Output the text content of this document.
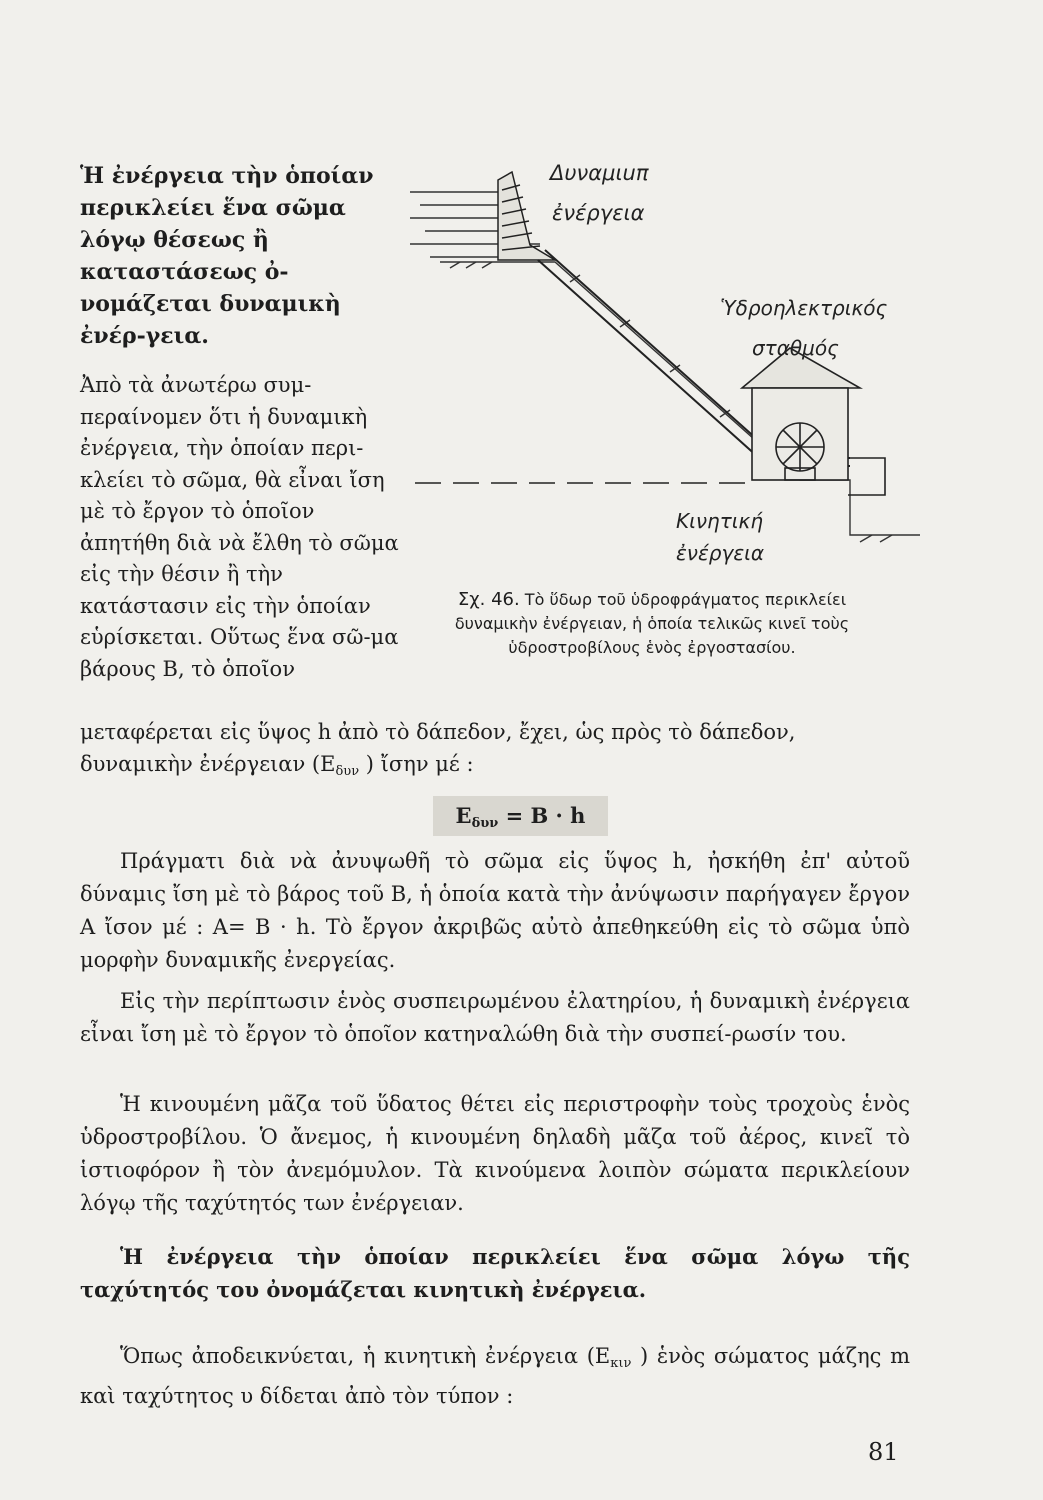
Ἡ ἐνέργεια τὴν ὁποίαν περικλείει ἕνα σῶμα λόγῳ θέσεως ἢ καταστάσεως ὀ-νομάζεται δυναμικὴ ἐνέρ-γεια.

Δυναμιuπ
ἐνέργεια
Ὑδροηλεκτρικός
σταθμός
Κινητική
ἐνέργεια

Ἀπὸ τὰ ἀνωτέρω συμ-περαίνομεν ὅτι ἡ δυναμικὴ ἐνέργεια, τὴν ὁποίαν περι-κλείει τὸ σῶμα, θὰ εἶναι ἴση μὲ τὸ ἔργον τὸ ὁποῖον ἀπητήθη διὰ νὰ ἔλθη τὸ σῶμα εἰς τὴν θέσιν ἢ τὴν κατάστασιν εἰς τὴν ὁποίαν εὑρίσκεται. Οὕτως ἕνα σῶ-μα βάρους Β, τὸ ὁποῖον

Σχ. 46. Τὸ ὕδωρ τοῦ ὑδροφράγματος περικλείει δυναμικὴν ἐνέργειαν, ἡ ὁποία τελικῶς κινεῖ τοὺς ὑδροστροβίλους ἑνὸς ἐργοστασίου.

μεταφέρεται εἰς ὕψος h ἀπὸ τὸ δάπεδον, ἔχει, ὡς πρὸς τὸ δάπεδον,
δυναμικὴν ἐνέργειαν ($E_{\delta\upsilon\nu}$ ) ἴσην μέ :

$E_{\delta\upsilon\nu} = B \cdot h$

Πράγματι διὰ νὰ ἀνυψωθῆ τὸ σῶμα εἰς ὕψος h, ἠσκήθη ἐπ' αὐτοῦ δύναμις ἴση μὲ τὸ βάρος τοῦ Β, ἡ ὁποία κατὰ τὴν ἀνύψωσιν παρήγαγεν ἔργον Α ἴσον μέ : Α= Β · h. Τὸ ἔργον ἀκριβῶς αὐτὸ ἀπεθηκεύθη εἰς τὸ σῶμα ὑπὸ μορφὴν δυναμικῆς ἐνεργείας.

Εἰς τὴν περίπτωσιν ἑνὸς συσπειρωμένου ἐλατηρίου, ἡ δυναμικὴ ἐνέργεια εἶναι ἴση μὲ τὸ ἔργον τὸ ὁποῖον κατηναλώθη διὰ τὴν συσπεί-ρωσίν του.

Ἡ κινουμένη μᾶζα τοῦ ὕδατος θέτει εἰς περιστροφὴν τοὺς τροχοὺς ἑνὸς ὑδροστροβίλου. Ὁ ἄνεμος, ἡ κινουμένη δηλαδὴ μᾶζα τοῦ ἀέρος, κινεῖ τὸ ἱστιοφόρον ἢ τὸν ἀνεμόμυλον. Τὰ κινούμενα λοιπὸν σώματα περικλείουν λόγῳ τῆς ταχύτητός των ἐνέργειαν.

Ἡ ἐνέργεια τὴν ὁποίαν περικλείει ἕνα σῶμα λόγω τῆς ταχύτητός του ὀνομάζεται κινητικὴ ἐνέργεια.

Ὅπως ἀποδεικνύεται, ἡ κινητικὴ ἐνέργεια ($E_{\kappa\iota\nu}$ ) ἑνὸς σώματος μάζης m καὶ ταχύτητος υ δίδεται ἀπὸ τὸν τύπον :

81
